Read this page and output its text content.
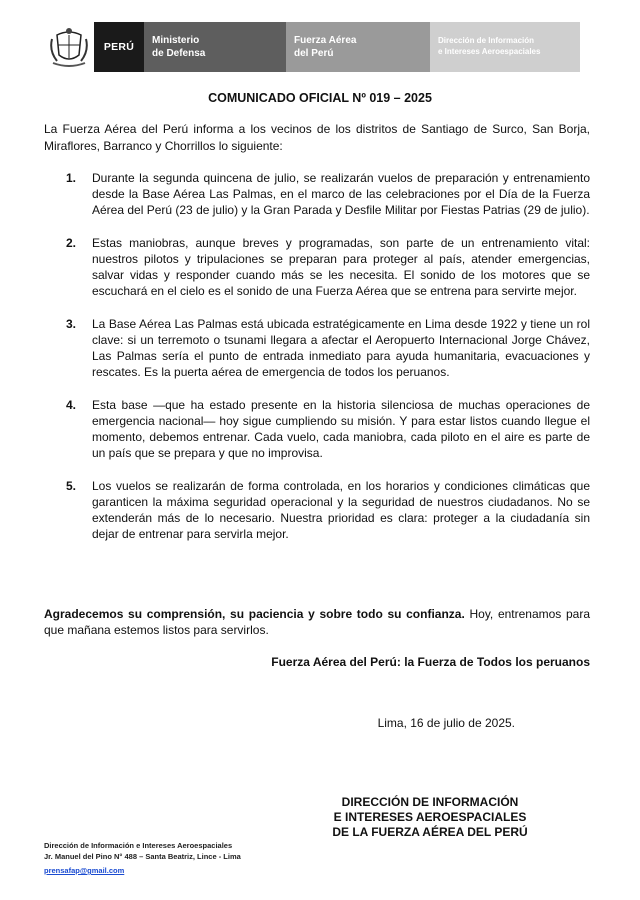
PERÚ
Ministerio
de Defensa
Fuerza Aérea
del Perú
Dirección de Información
e Intereses Aeroespaciales
COMUNICADO OFICIAL Nº 019 – 2025
La Fuerza Aérea del Perú informa a los vecinos de los distritos de Santiago de Surco, San Borja, Miraflores, Barranco y Chorrillos lo siguiente:
1.	Durante la segunda quincena de julio, se realizarán vuelos de preparación y entrenamiento desde la Base Aérea Las Palmas, en el marco de las celebraciones por el Día de la Fuerza Aérea del Perú (23 de julio) y la Gran Parada y Desfile Militar por Fiestas Patrias (29 de julio).
2.	Estas maniobras, aunque breves y programadas, son parte de un entrenamiento vital: nuestros pilotos y tripulaciones se preparan para proteger al país, atender emergencias, salvar vidas y responder cuando más se les necesita. El sonido de los motores que se escuchará en el cielo es el sonido de una Fuerza Aérea que se entrena para servirte mejor.
3.	La Base Aérea Las Palmas está ubicada estratégicamente en Lima desde 1922 y tiene un rol clave: si un terremoto o tsunami llegara a afectar el Aeropuerto Internacional Jorge Chávez, Las Palmas sería el punto de entrada inmediato para ayuda humanitaria, evacuaciones y rescates. Es la puerta aérea de emergencia de todos los peruanos.
4.	Esta base —que ha estado presente en la historia silenciosa de muchas operaciones de emergencia nacional— hoy sigue cumpliendo su misión. Y para estar listos cuando llegue el momento, debemos entrenar. Cada vuelo, cada maniobra, cada piloto en el aire es parte de un país que se prepara y que no improvisa.
5.	Los vuelos se realizarán de forma controlada, en los horarios y condiciones climáticas que garanticen la máxima seguridad operacional y la seguridad de nuestros ciudadanos. No se extenderán más de lo necesario. Nuestra prioridad es clara: proteger a la ciudadanía sin dejar de entrenar para servirla mejor.
Agradecemos su comprensión, su paciencia y sobre todo su confianza. Hoy, entrenamos para que mañana estemos listos para servirlos.
Fuerza Aérea del Perú: la Fuerza de Todos los peruanos
Lima, 16 de julio de 2025.
DIRECCIÓN DE INFORMACIÓN
E INTERESES AEROESPACIALES
DE LA FUERZA AÉREA DEL PERÚ
Dirección de Información e Intereses Aeroespaciales
Jr. Manuel del Pino N° 488 – Santa Beatriz, Lince - Lima
prensafap@gmail.com
